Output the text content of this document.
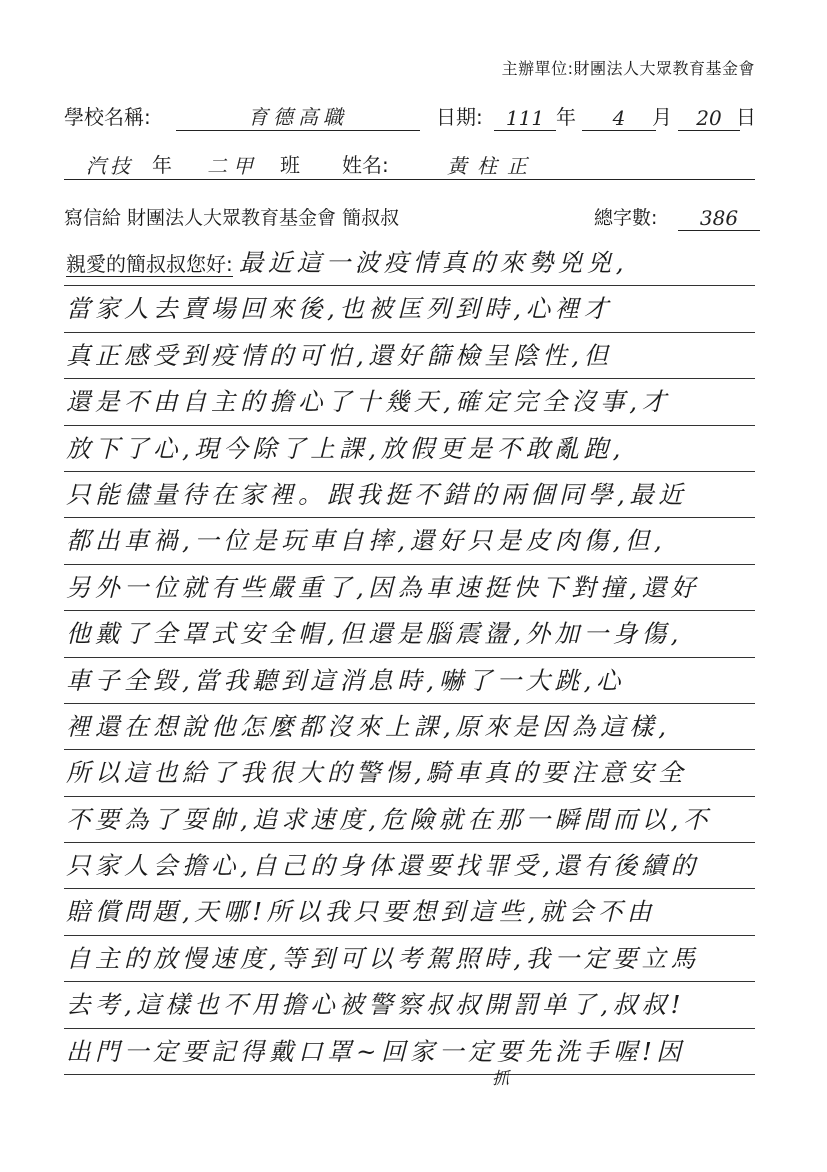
主辦單位:財團法人大眾教育基金會
學校名稱:	育德高職	日期:	111 年	4	月	20 日
汽技 年	二甲	班 姓名:	黃柱正
寫信給 財團法人大眾教育基金會 簡叔叔	總字數:	386
親愛的簡叔叔您好: 最近這一波疫情真的來勢兇兇,
當家人去賣場回來後,也被匡列到時,心裡才
真正感受到疫情的可怕,還好篩檢呈陰性,但
還是不由自主的擔心了十幾天,確定完全沒事,才
放下了心,現今除了上課,放假更是不敢亂跑,
只能儘量待在家裡。跟我挺不錯的兩個同學,最近
都出車禍,一位是玩車自摔,還好只是皮肉傷,但,
另外一位就有些嚴重了,因為車速挺快下對撞,還好
他戴了全罩式安全帽,但還是腦震盪,外加一身傷,
車子全毀,當我聽到這消息時,嚇了一大跳,心
裡還在想說他怎麼都沒來上課,原來是因為這樣,
所以這也給了我很大的警惕,騎車真的要注意安全
不要為了耍帥,追求速度,危險就在那一瞬間而以,不
只家人会擔心,自己的身体還要找罪受,還有後續的
賠償問題,天哪!所以我只要想到這些,就会不由
自主的放慢速度,等到可以考駕照時,我一定要立馬
去考,這樣也不用擔心被警察叔叔開罰单了,叔叔!
出門一定要記得戴口罩~回家一定要先洗手喔!因
抓
